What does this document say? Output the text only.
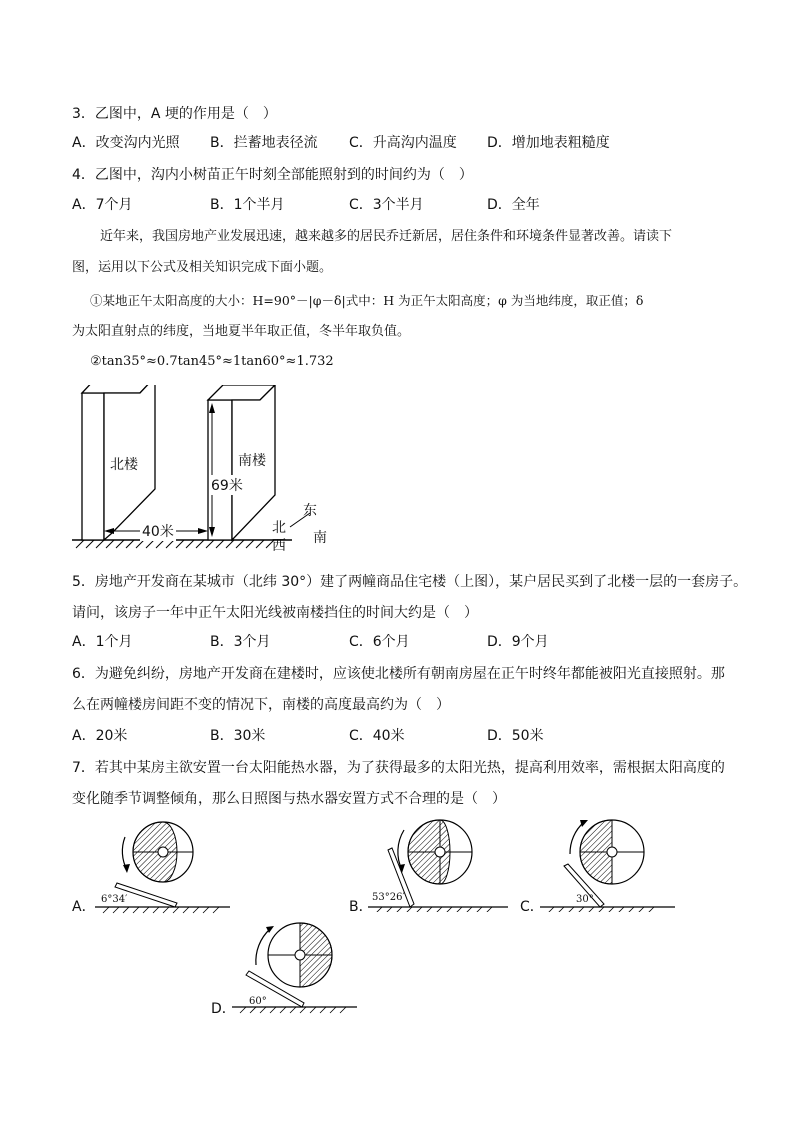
3．乙图中，A 埂的作用是（　）
A．改变沟内光照 B．拦蓄地表径流 C．升高沟内温度 D．增加地表粗糙度
4．乙图中，沟内小树苗正午时刻全部能照射到的时间约为（　）
A．7个月	B．1个半月	C．3个半月	D．全年
近年来，我国房地产业发展迅速，越来越多的居民乔迁新居，居住条件和环境条件显著改善。请读下
图，运用以下公式及相关知识完成下面小题。
①某地正午太阳高度的大小：H=90°－|φ－δ|式中：H 为正午太阳高度；φ 为当地纬度，取正值；δ
为太阳直射点的纬度，当地夏半年取正值，冬半年取负值。
②tan35°≈0.7tan45°≈1tan60°≈1.732
北楼	南楼
69米
40米
东
北
南
西
5．房地产开发商在某城市（北纬 30°）建了两幢商品住宅楼（上图），某户居民买到了北楼一层的一套房子。
请问，该房子一年中正午太阳光线被南楼挡住的时间大约是（　）
A．1个月	B．3个月	C．6个月	D．9个月
6．为避免纠纷，房地产开发商在建楼时，应该使北楼所有朝南房屋在正午时终年都能被阳光直接照射。那
么在两幢楼房间距不变的情况下，南楼的高度最高约为（　）
A．20米	B．30米	C．40米	D．50米
7．若其中某房主欲安置一台太阳能热水器，为了获得最多的太阳光热，提高利用效率，需根据太阳高度的
变化随季节调整倾角，那么日照图与热水器安置方式不合理的是（　）
A． 6°34′	B．
53°26′
C．	30°
D． 60°
